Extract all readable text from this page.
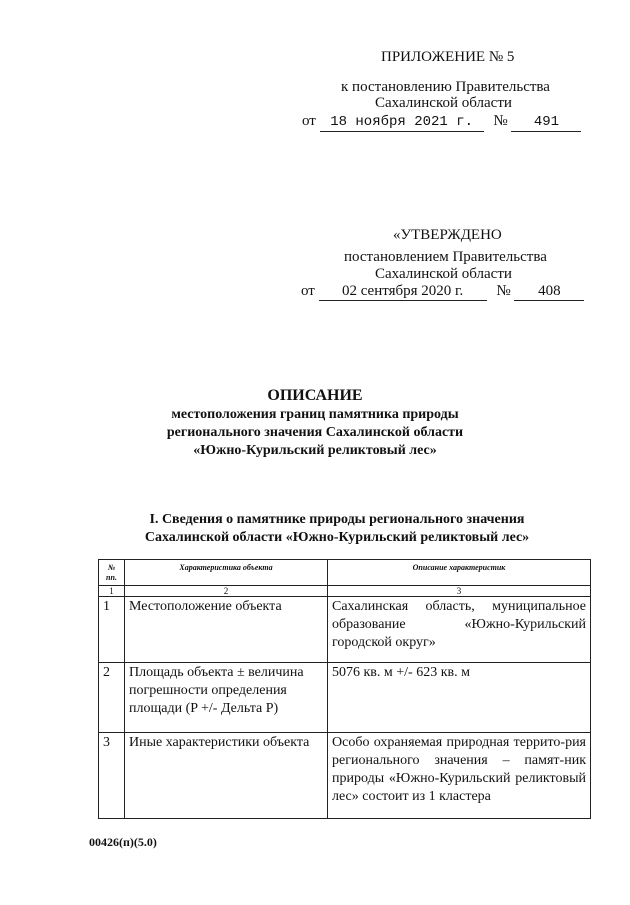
ПРИЛОЖЕНИЕ № 5
к постановлению Правительства
Сахалинской области
от 18 ноября 2021 г. № 491
«УТВЕРЖДЕНО
постановлением Правительства
Сахалинской области
от 02 сентября 2020 г. № 408
ОПИСАНИЕ
местоположения границ памятника природы
регионального значения Сахалинской области
«Южно-Курильский реликтовый лес»
I. Сведения о памятнике природы регионального значения
Сахалинской области «Южно-Курильский реликтовый лес»
№ пп.	Характеристика объекта	Описание характеристик
1	2	3
1	Местоположение объекта	Сахалинская область, муниципальное образование «Южно-Курильский городской округ»
2	Площадь объекта ± величина погрешности определения площади (P +/- Дельта P)	5076 кв. м +/- 623 кв. м
3	Иные характеристики объекта	Особо охраняемая природная террито-рия регионального значения – памят-ник природы «Южно-Курильский реликтовый лес» состоит из 1 кластера
00426(п)(5.0)
